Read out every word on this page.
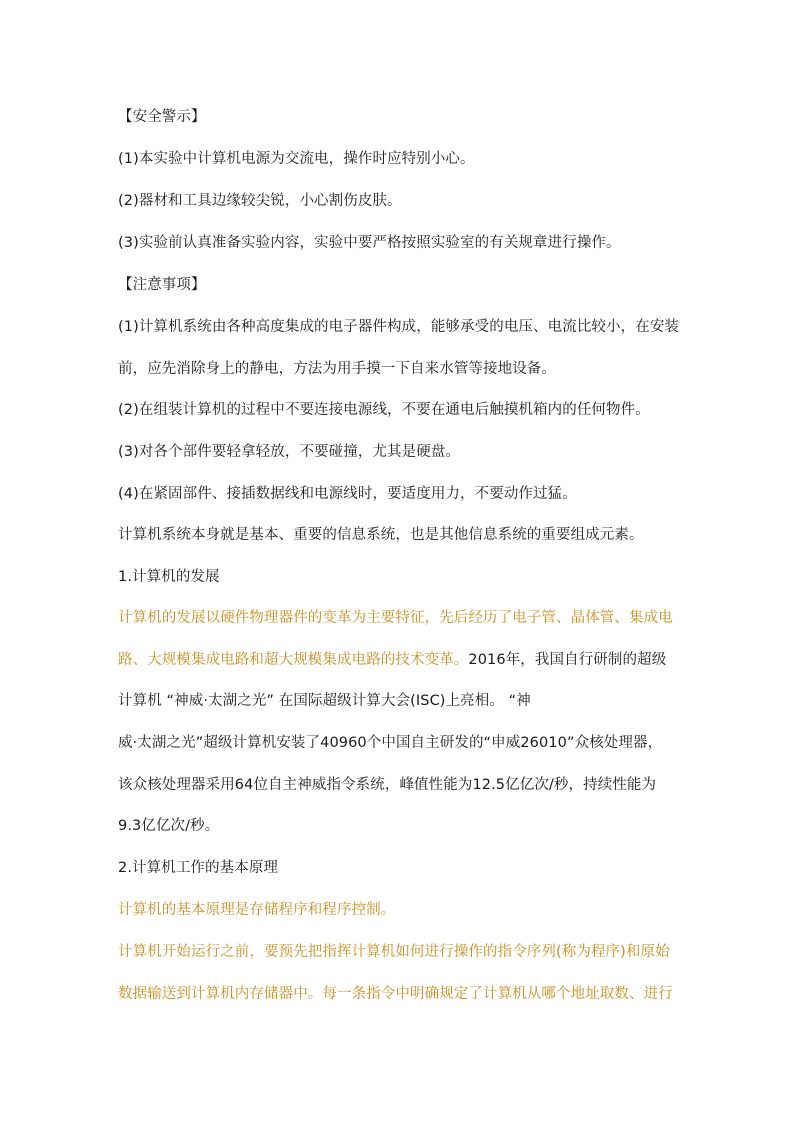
【安全警示】
(1)本实验中计算机电源为交流电，操作时应特别小心。
(2)器材和工具边缘较尖锐，小心割伤皮肤。
(3)实验前认真准备实验内容，实验中要严格按照实验室的有关规章进行操作。
【注意事项】
(1)计算机系统由各种高度集成的电子器件构成，能够承受的电压、电流比较小，在安装
前，应先消除身上的静电，方法为用手摸一下自来水管等接地设备。
(2)在组装计算机的过程中不要连接电源线，不要在通电后触摸机箱内的任何物件。
(3)对各个部件要轻拿轻放，不要碰撞，尤其是硬盘。
(4)在紧固部件、接插数据线和电源线时，要适度用力，不要动作过猛。
计算机系统本身就是基本、重要的信息系统，也是其他信息系统的重要组成元素。
1.计算机的发展
计算机的发展以硬件物理器件的变革为主要特征，先后经历了电子管、晶体管、集成电
路、大规模集成电路和超大规模集成电路的技术变革。2016年，我国自行研制的超级
计算机 “神威·太湖之光” 在国际超级计算大会(ISC)上亮相。 “神
威·太湖之光”超级计算机安装了40960个中国自主研发的“申威26010”众核处理器，
该众核处理器采用64位自主神威指令系统，峰值性能为12.5亿亿次/秒，持续性能为
9.3亿亿次/秒。
2.计算机工作的基本原理
计算机的基本原理是存储程序和程序控制。
计算机开始运行之前，要预先把指挥计算机如何进行操作的指令序列(称为程序)和原始
数据输送到计算机内存储器中。每一条指令中明确规定了计算机从哪个地址取数、进行
